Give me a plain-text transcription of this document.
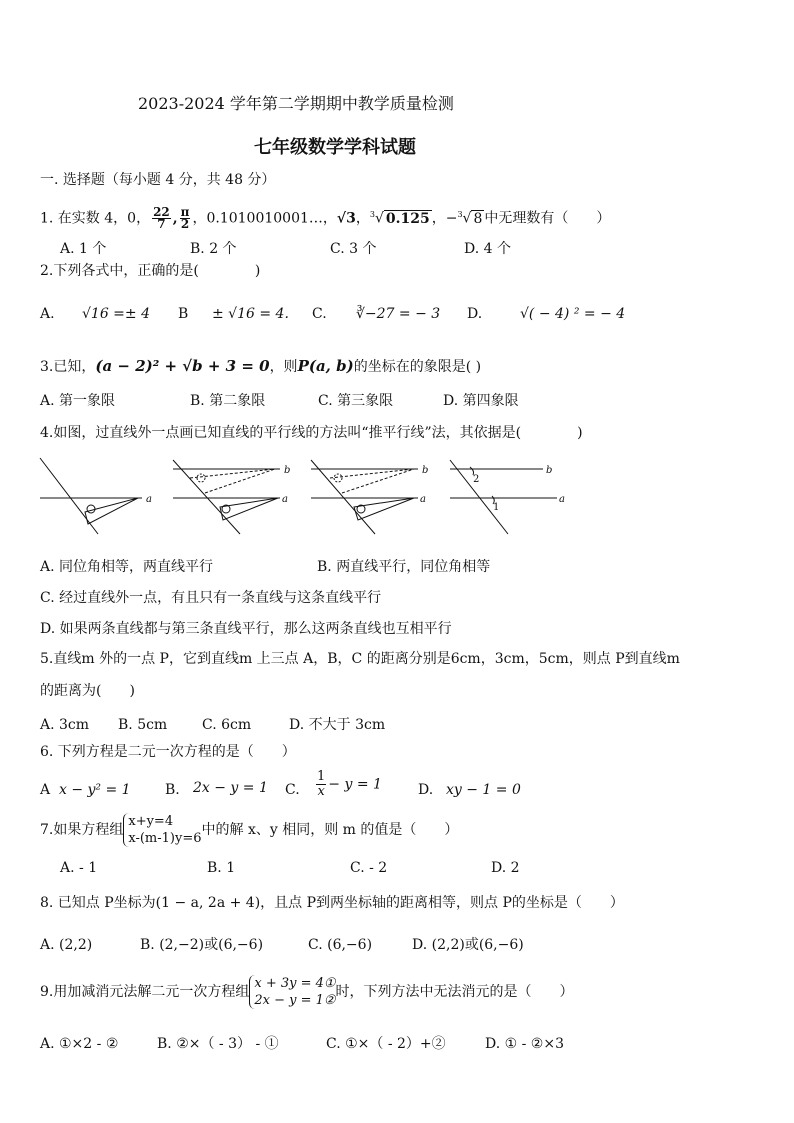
2023-2024 学年第二学期期中教学质量检测
七年级数学学科试题
一. 选择题（每小题 4 分，共 48 分）
1. 在实数 4，0， $\frac{22}{7}$ , $\frac{\pi}{2}$ ，0.1010010001…，√3，$^3$√ 0.125 ，−$^3$√ 8 中无理数有（　　）
A. 1 个	B. 2 个	C. 3 个	D. 4 个
2.下列各式中，正确的是(　　　　)
A. √16 =± 4 B ± √16 = 4. C. ∛−27 = − 3 D.	√( − 4) ² = − 4
3.已知，(a − 2)² + √b + 3 = 0，则P(a, b)的坐标在的象限是( )
A. 第一象限	B. 第二象限	C. 第三象限	D. 第四象限
4.如图，过直线外一点画已知直线的平行线的方法叫“推平行线”法，其依据是(　　　　)
a
b
a
b
a
b
a
2
1
A. 同位角相等，两直线平行	B. 两直线平行，同位角相等
C. 经过直线外一点，有且只有一条直线与这条直线平行
D. 如果两条直线都与第三条直线平行，那么这两条直线也互相平行
5.直线m 外的一点 P，它到直线m 上三点 A，B，C 的距离分别是6cm，3cm，5cm，则点 P到直线m
的距离为(　　)
A. 3cm B. 5cm C. 6cm	D. 不大于 3cm
6. 下列方程是二元一次方程的是（　　）
A x − y² = 1 B. 2x − y = 1 C. $\frac{1}{x} - y = 1$	D. xy − 1 = 0
7.如果方程组
x+y=4
x-(m-1)y=6
中的解 x、y 相同，则 m 的值是（　　）
A. - 1	B. 1	C. - 2	D. 2
8. 已知点 P坐标为(1 − a, 2a + 4)，且点 P到两坐标轴的距离相等，则点 P的坐标是（　　）
A. (2,2)	B. (2,−2)或(6,−6)	C. (6,−6)	D. (2,2)或(6,−6)
9.用加减消元法解二元一次方程组
x + 3y = 4①
2x − y = 1②
时，下列方法中无法消元的是（　　）
A. ①×2 - ②	B. ②×（ - 3） - ①	C. ①×（ - 2）+②	D. ① - ②×3
